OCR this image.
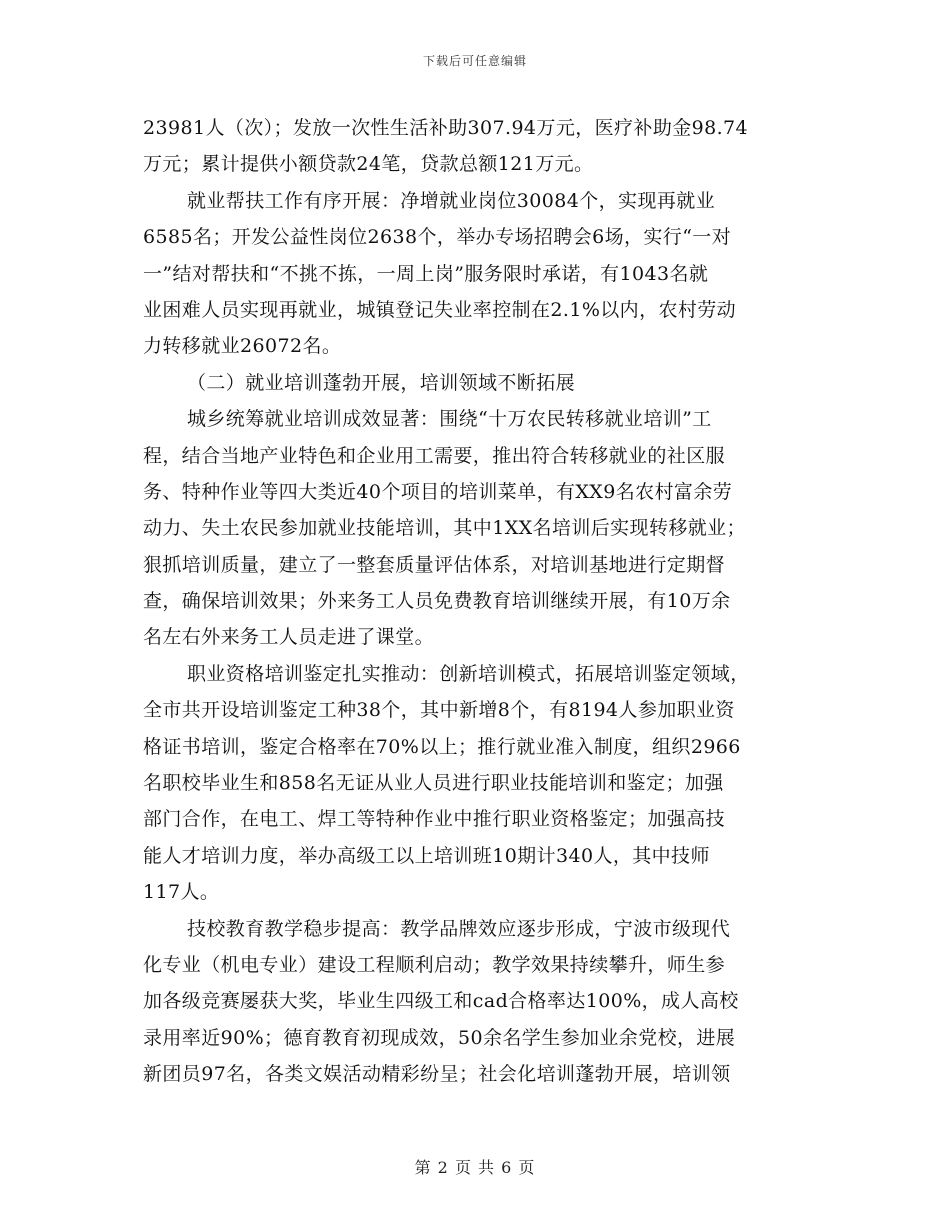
下载后可任意编辑
23981人（次）；发放一次性生活补助307.94万元，医疗补助金98.74
万元；累计提供小额贷款24笔，贷款总额121万元。
就业帮扶工作有序开展：净增就业岗位30084个，实现再就业
6585名；开发公益性岗位2638个，举办专场招聘会6场，实行“一对
一”结对帮扶和“不挑不拣，一周上岗”服务限时承诺，有1043名就
业困难人员实现再就业，城镇登记失业率控制在2.1%以内，农村劳动
力转移就业26072名。
（二）就业培训蓬勃开展，培训领域不断拓展
城乡统筹就业培训成效显著：围绕“十万农民转移就业培训”工
程，结合当地产业特色和企业用工需要，推出符合转移就业的社区服
务、特种作业等四大类近40个项目的培训菜单，有XX9名农村富余劳
动力、失土农民参加就业技能培训，其中1XX名培训后实现转移就业；
狠抓培训质量，建立了一整套质量评估体系，对培训基地进行定期督
查，确保培训效果；外来务工人员免费教育培训继续开展，有10万余
名左右外来务工人员走进了课堂。
职业资格培训鉴定扎实推动：创新培训模式，拓展培训鉴定领域，
全市共开设培训鉴定工种38个，其中新增8个，有8194人参加职业资
格证书培训，鉴定合格率在70%以上；推行就业准入制度，组织2966
名职校毕业生和858名无证从业人员进行职业技能培训和鉴定；加强
部门合作，在电工、焊工等特种作业中推行职业资格鉴定；加强高技
能人才培训力度，举办高级工以上培训班10期计340人，其中技师
117人。
技校教育教学稳步提高：教学品牌效应逐步形成，宁波市级现代
化专业（机电专业）建设工程顺利启动；教学效果持续攀升，师生参
加各级竞赛屡获大奖，毕业生四级工和cad合格率达100%，成人高校
录用率近90%；德育教育初现成效，50余名学生参加业余党校，进展
新团员97名，各类文娱活动精彩纷呈；社会化培训蓬勃开展，培训领
第 2 页 共 6 页
